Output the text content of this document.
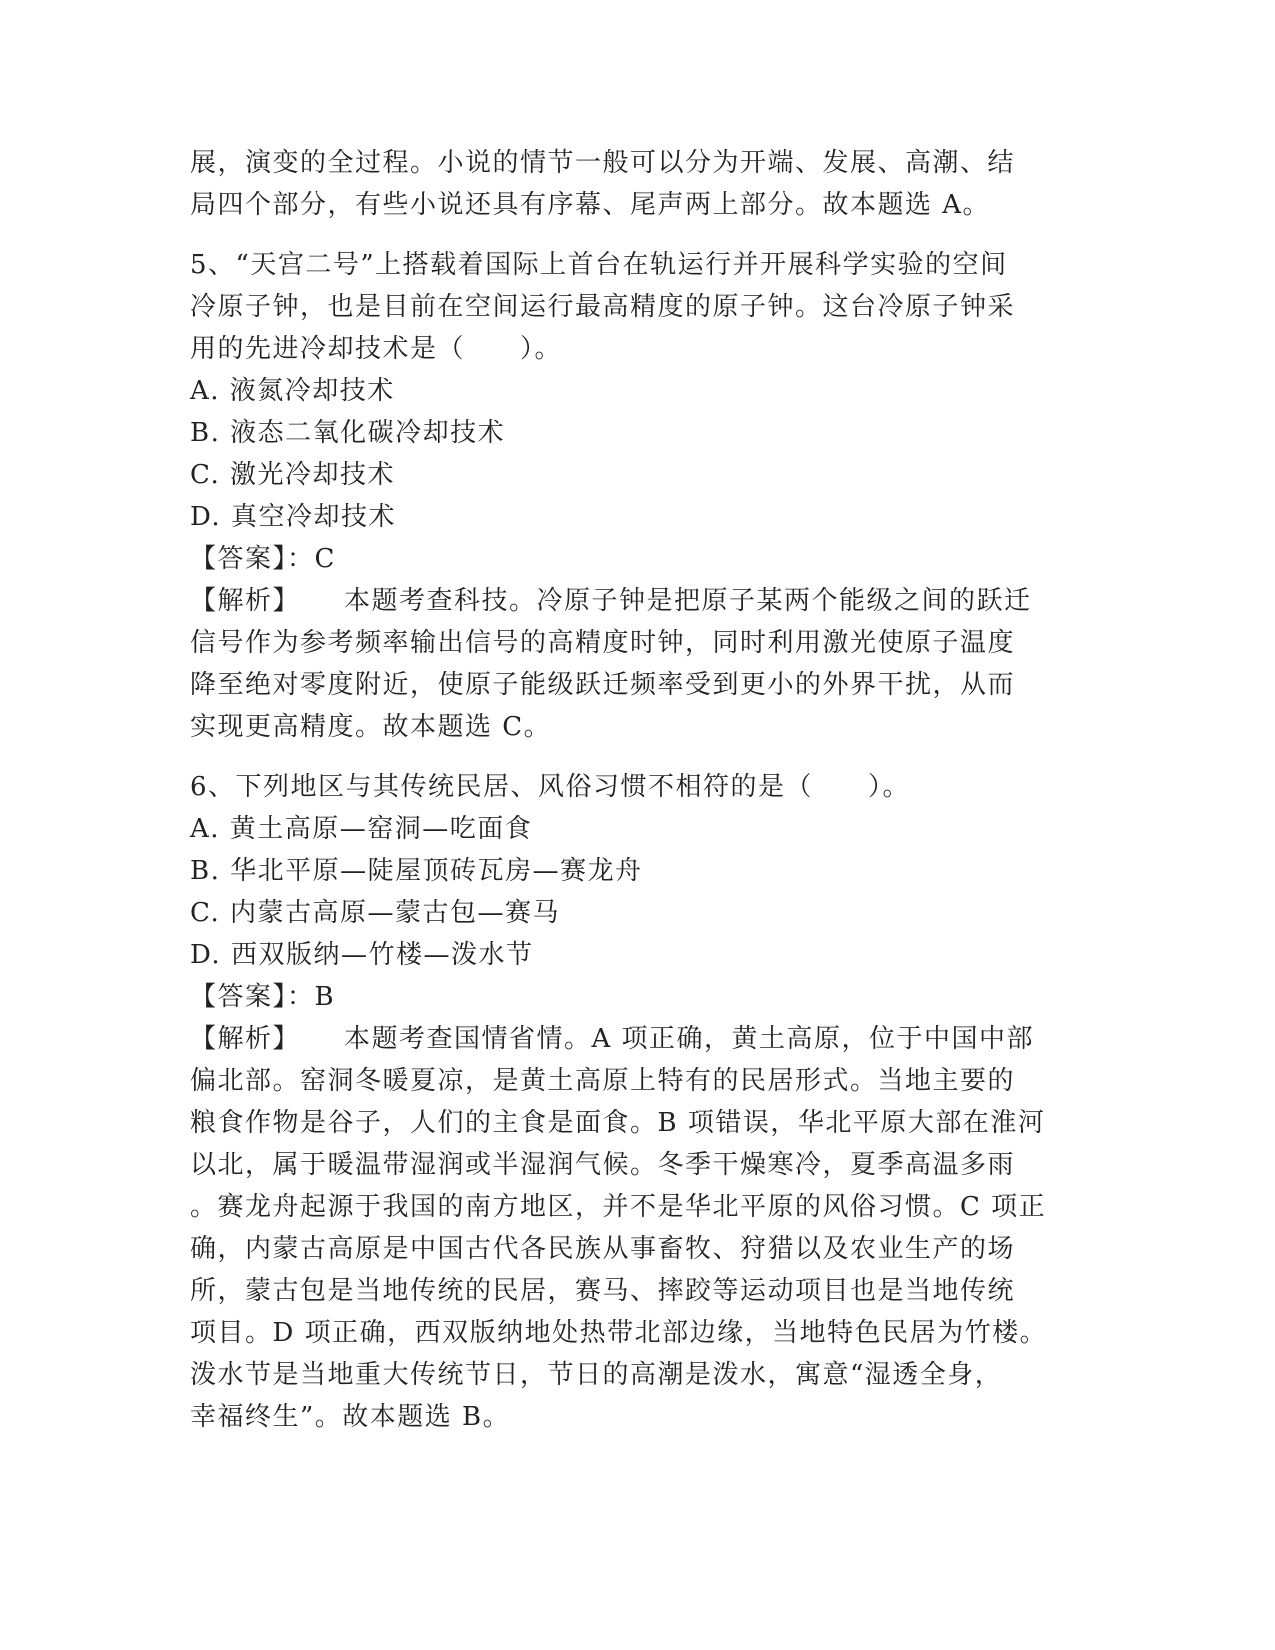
展，演变的全过程。小说的情节一般可以分为开端、发展、高潮、结
局四个部分，有些小说还具有序幕、尾声两上部分。故本题选 A。
5、“天宫二号”上搭载着国际上首台在轨运行并开展科学实验的空间
冷原子钟，也是目前在空间运行最高精度的原子钟。这台冷原子钟采
用的先进冷却技术是（　　）。
A. 液氮冷却技术
B. 液态二氧化碳冷却技术
C. 激光冷却技术
D. 真空冷却技术
【答案】：C
【解析】 本题考查科技。冷原子钟是把原子某两个能级之间的跃迁
信号作为参考频率输出信号的高精度时钟，同时利用激光使原子温度
降至绝对零度附近，使原子能级跃迁频率受到更小的外界干扰，从而
实现更高精度。故本题选 C。
6、下列地区与其传统民居、风俗习惯不相符的是（　　）。
A. 黄土高原—窑洞—吃面食
B. 华北平原—陡屋顶砖瓦房—赛龙舟
C. 内蒙古高原—蒙古包—赛马
D. 西双版纳—竹楼—泼水节
【答案】：B
【解析】 本题考查国情省情。A 项正确，黄土高原，位于中国中部
偏北部。窑洞冬暖夏凉，是黄土高原上特有的民居形式。当地主要的
粮食作物是谷子，人们的主食是面食。B 项错误，华北平原大部在淮河
以北，属于暖温带湿润或半湿润气候。冬季干燥寒冷，夏季高温多雨
。赛龙舟起源于我国的南方地区，并不是华北平原的风俗习惯。C 项正
确，内蒙古高原是中国古代各民族从事畜牧、狩猎以及农业生产的场
所，蒙古包是当地传统的民居，赛马、摔跤等运动项目也是当地传统
项目。D 项正确，西双版纳地处热带北部边缘，当地特色民居为竹楼。
泼水节是当地重大传统节日，节日的高潮是泼水，寓意“湿透全身，
幸福终生”。故本题选 B。
